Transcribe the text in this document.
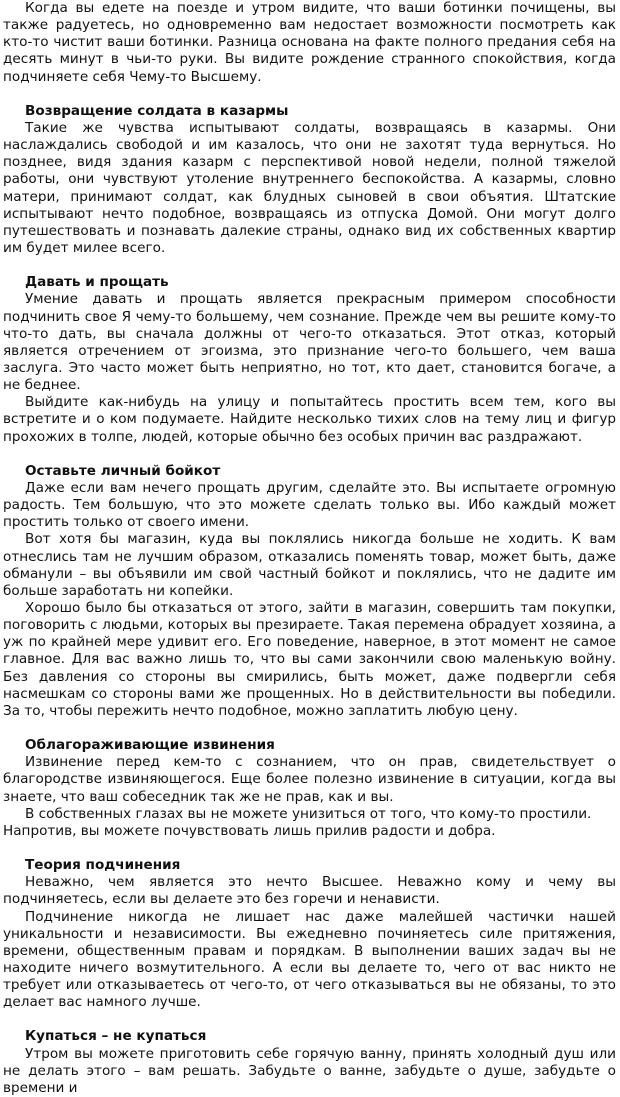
Когда вы едете на поезде и утром видите, что ваши ботинки почищены, вы также радуетесь, но одновременно вам недостает возможности посмотреть как кто-то чистит ваши ботинки. Разница основана на факте полного предания себя на десять минут в чьи-то руки. Вы видите рождение странного спокойствия, когда подчиняете себя Чему-то Высшему.

Возвращение солдата в казармы

Такие же чувства испытывают солдаты, возвращаясь в казармы. Они наслаждались свободой и им казалось, что они не захотят туда вернуться. Но позднее, видя здания казарм с перспективой новой недели, полной тяжелой работы, они чувствуют утоление внутреннего беспокойства. А казармы, словно матери, принимают солдат, как блудных сыновей в свои объятия. Штатские испытывают нечто подобное, возвращаясь из отпуска Домой. Они могут долго путешествовать и познавать далекие страны, однако вид их собственных квартир им будет милее всего.

Давать и прощать

Умение давать и прощать является прекрасным примером способности подчинить свое Я чему-то большему, чем сознание. Прежде чем вы решите кому-то что-то дать, вы сначала должны от чего-то отказаться. Этот отказ, который является отречением от эгоизма, это признание чего-то большего, чем ваша заслуга. Это часто может быть неприятно, но тот, кто дает, становится богаче, а не беднее.

Выйдите как-нибудь на улицу и попытайтесь простить всем тем, кого вы встретите и о ком подумаете. Найдите несколько тихих слов на тему лиц и фигур прохожих в толпе, людей, которые обычно без особых причин вас раздражают.

Оставьте личный бойкот

Даже если вам нечего прощать другим, сделайте это. Вы испытаете огромную радость. Тем большую, что это можете сделать только вы. Ибо каждый может простить только от своего имени.

Вот хотя бы магазин, куда вы поклялись никогда больше не ходить. К вам отнеслись там не лучшим образом, отказались поменять товар, может быть, даже обманули – вы объявили им свой частный бойкот и поклялись, что не дадите им больше заработать ни копейки.

Хорошо было бы отказаться от этого, зайти в магазин, совершить там покупки, поговорить с людьми, которых вы презираете. Такая перемена обрадует хозяина, а уж по крайней мере удивит его. Его поведение, наверное, в этот момент не самое главное. Для вас важно лишь то, что вы сами закончили свою маленькую войну. Без давления со стороны вы смирились, быть может, даже подвергли себя насмешкам со стороны вами же прощенных. Но в действительности вы победили. За то, чтобы пережить нечто подобное, можно заплатить любую цену.

Облагораживающие извинения

Извинение перед кем-то с сознанием, что он прав, свидетельствует о благородстве извиняющегося. Еще более полезно извинение в ситуации, когда вы знаете, что ваш собеседник так же не прав, как и вы.

В собственных глазах вы не можете унизиться от того, что кому-то простили.

Напротив, вы можете почувствовать лишь прилив радости и добра.

Теория подчинения

Неважно, чем является это нечто Высшее. Неважно кому и чему вы подчиняетесь, если вы делаете это без горечи и ненависти.

Подчинение никогда не лишает нас даже малейшей частички нашей уникальности и независимости. Вы ежедневно починяетесь силе притяжения, времени, общественным правам и порядкам. В выполнении ваших задач вы не находите ничего возмутительного. А если вы делаете то, чего от вас никто не требует или отказываетесь от чего-то, от чего отказываться вы не обязаны, то это делает вас намного лучше.

Купаться – не купаться

Утром вы можете приготовить себе горячую ванну, принять холодный душ или не делать этого – вам решать. Забудьте о ванне, забудьте о душе, забудьте о времени и
